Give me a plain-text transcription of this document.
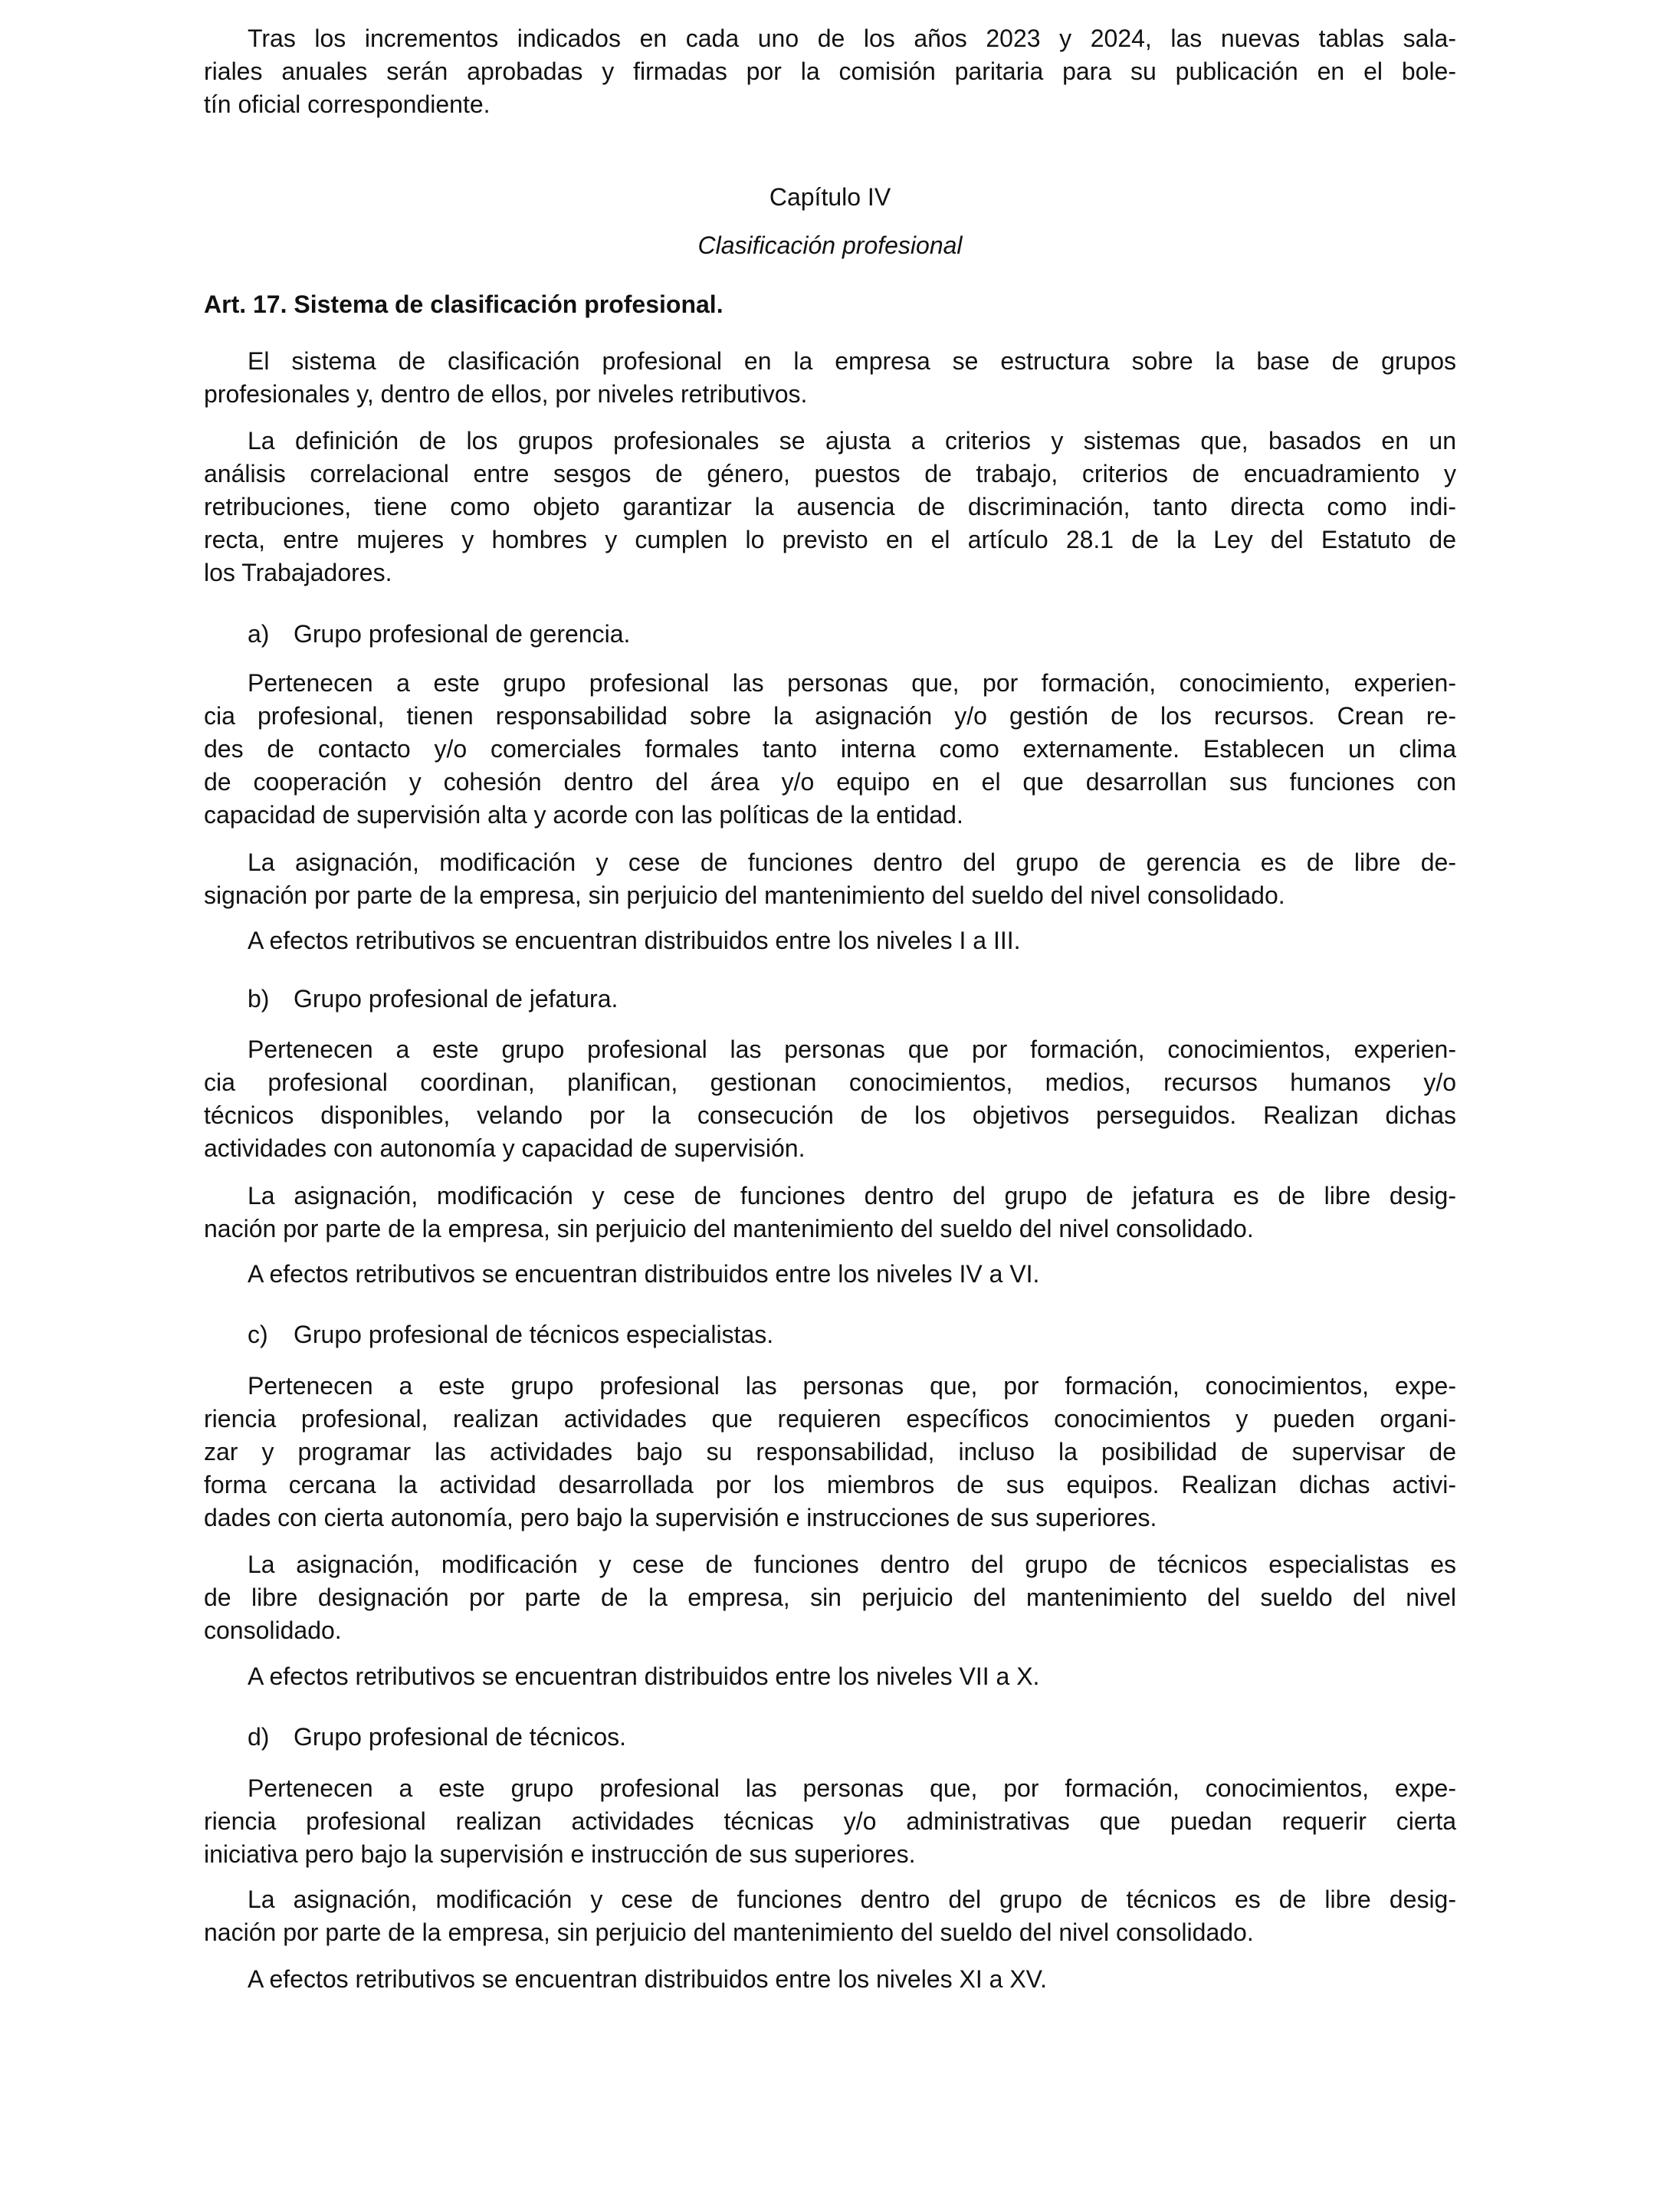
Tras los incrementos indicados en cada uno de los años 2023 y 2024, las nuevas tablas sala-
riales anuales serán aprobadas y firmadas por la comisión paritaria para su publicación en el bole-
tín oficial correspondiente.
Capítulo IV
Clasificación profesional
Art. 17. Sistema de clasificación profesional.
El sistema de clasificación profesional en la empresa se estructura sobre la base de grupos
profesionales y, dentro de ellos, por niveles retributivos.
La definición de los grupos profesionales se ajusta a criterios y sistemas que, basados en un
análisis correlacional entre sesgos de género, puestos de trabajo, criterios de encuadramiento y
retribuciones, tiene como objeto garantizar la ausencia de discriminación, tanto directa como indi-
recta, entre mujeres y hombres y cumplen lo previsto en el artículo 28.1 de la Ley del Estatuto de
los Trabajadores.
a) Grupo profesional de gerencia.
Pertenecen a este grupo profesional las personas que, por formación, conocimiento, experien-
cia profesional, tienen responsabilidad sobre la asignación y/o gestión de los recursos. Crean re-
des de contacto y/o comerciales formales tanto interna como externamente. Establecen un clima
de cooperación y cohesión dentro del área y/o equipo en el que desarrollan sus funciones con
capacidad de supervisión alta y acorde con las políticas de la entidad.
La asignación, modificación y cese de funciones dentro del grupo de gerencia es de libre de-
signación por parte de la empresa, sin perjuicio del mantenimiento del sueldo del nivel consolidado.
A efectos retributivos se encuentran distribuidos entre los niveles I a III.
b) Grupo profesional de jefatura.
Pertenecen a este grupo profesional las personas que por formación, conocimientos, experien-
cia profesional coordinan, planifican, gestionan conocimientos, medios, recursos humanos y/o
técnicos disponibles, velando por la consecución de los objetivos perseguidos. Realizan dichas
actividades con autonomía y capacidad de supervisión.
La asignación, modificación y cese de funciones dentro del grupo de jefatura es de libre desig-
nación por parte de la empresa, sin perjuicio del mantenimiento del sueldo del nivel consolidado.
A efectos retributivos se encuentran distribuidos entre los niveles IV a VI.
c) Grupo profesional de técnicos especialistas.
Pertenecen a este grupo profesional las personas que, por formación, conocimientos, expe-
riencia profesional, realizan actividades que requieren específicos conocimientos y pueden organi-
zar y programar las actividades bajo su responsabilidad, incluso la posibilidad de supervisar de
forma cercana la actividad desarrollada por los miembros de sus equipos. Realizan dichas activi-
dades con cierta autonomía, pero bajo la supervisión e instrucciones de sus superiores.
La asignación, modificación y cese de funciones dentro del grupo de técnicos especialistas es
de libre designación por parte de la empresa, sin perjuicio del mantenimiento del sueldo del nivel
consolidado.
A efectos retributivos se encuentran distribuidos entre los niveles VII a X.
d) Grupo profesional de técnicos.
Pertenecen a este grupo profesional las personas que, por formación, conocimientos, expe-
riencia profesional realizan actividades técnicas y/o administrativas que puedan requerir cierta
iniciativa pero bajo la supervisión e instrucción de sus superiores.
La asignación, modificación y cese de funciones dentro del grupo de técnicos es de libre desig-
nación por parte de la empresa, sin perjuicio del mantenimiento del sueldo del nivel consolidado.
A efectos retributivos se encuentran distribuidos entre los niveles XI a XV.
